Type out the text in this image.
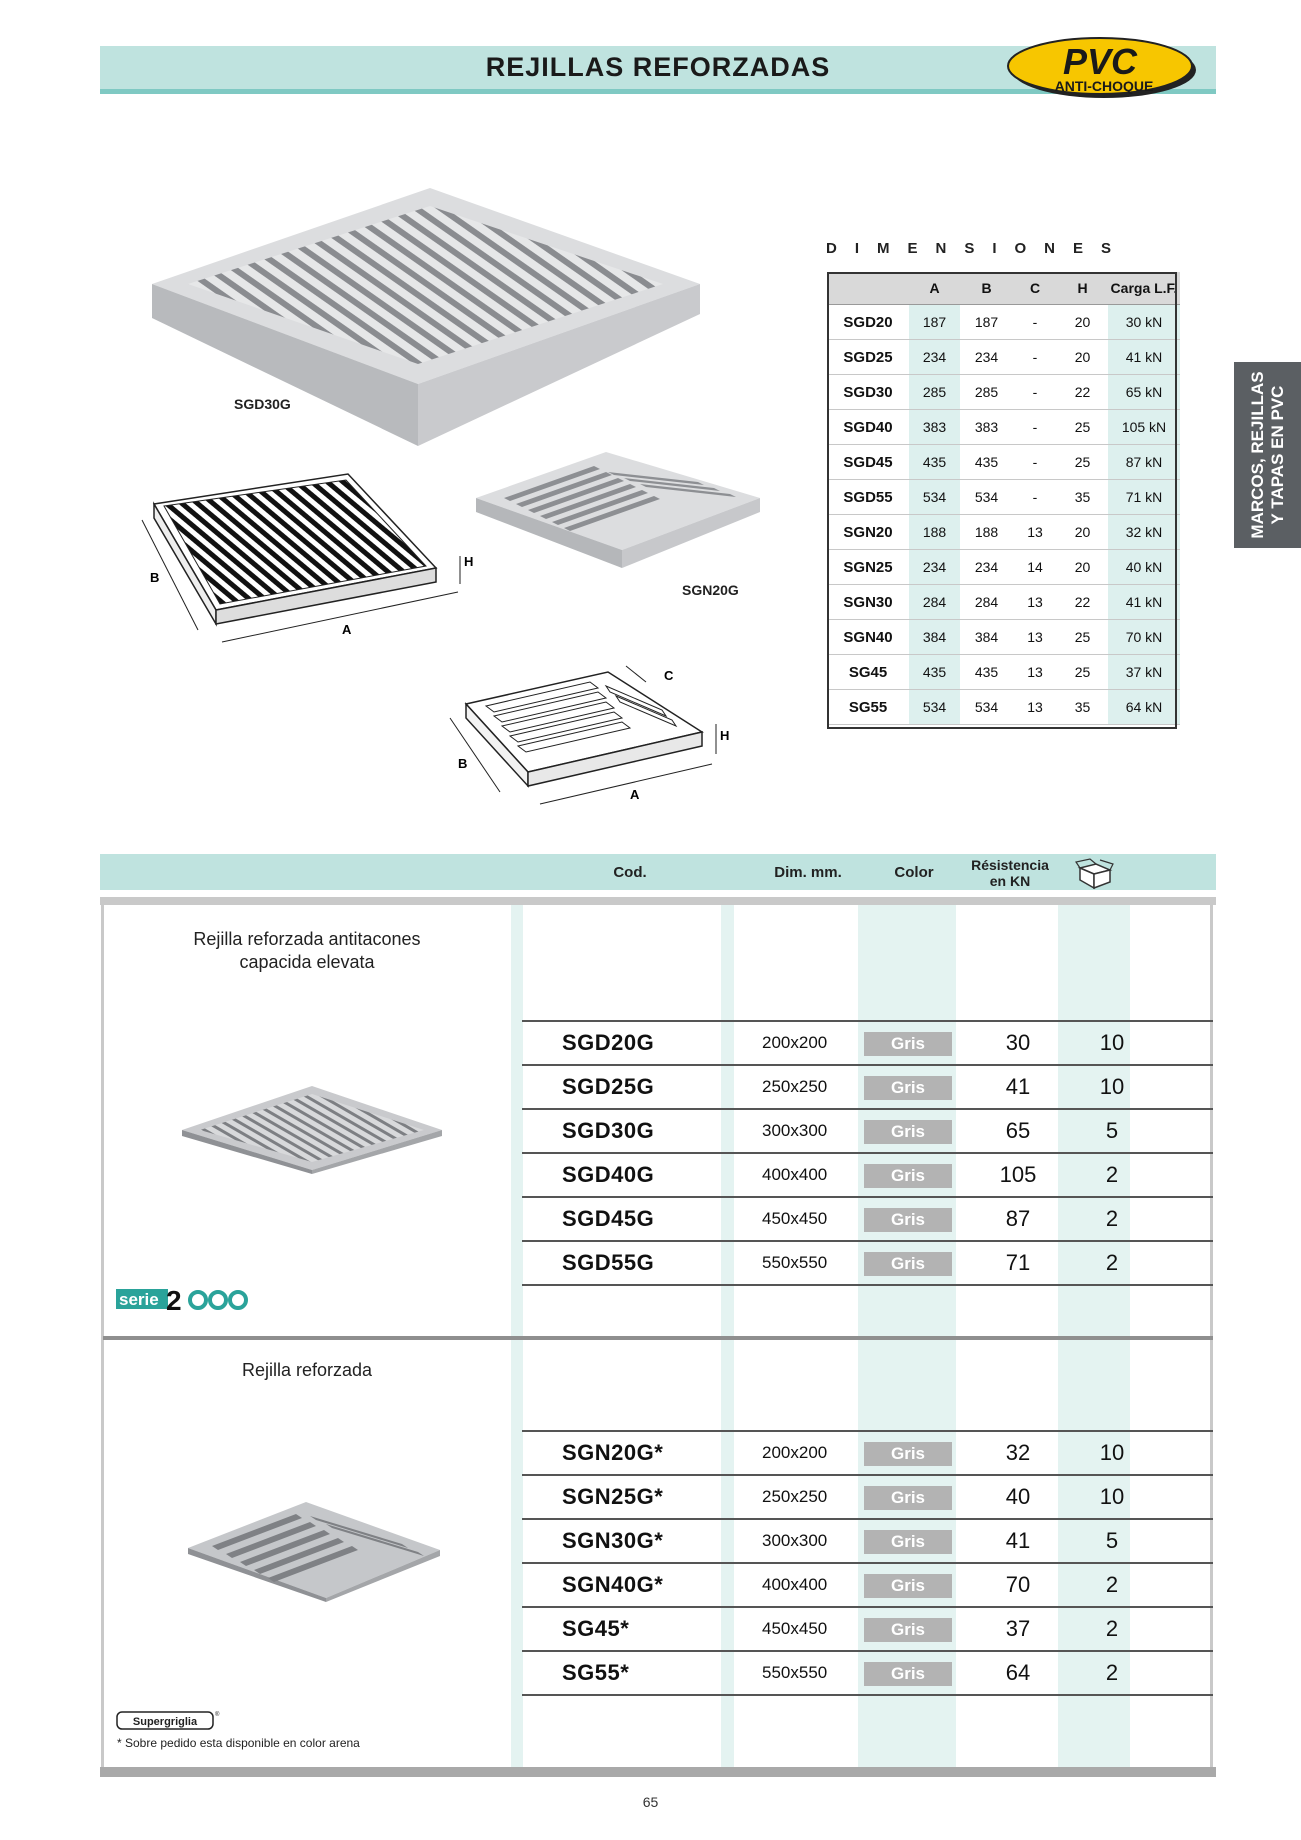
REJILLAS REFORZADAS	PVC
ANTI-CHOQUE
MARCOS, REJILLAS Y TAPAS EN PVC
SGD30G
B
A
H
SGN20G
B
A
C
H
DIMENSIONES
	A	B	C	H	Carga L.F.
SGD20	187	187	-	20	30 kN
SGD25	234	234	-	20	41 kN
SGD30	285	285	-	22	65 kN
SGD40	383	383	-	25	105 kN
SGD45	435	435	-	25	87 kN
SGD55	534	534	-	35	71 kN
SGN20	188	188	13	20	32 kN
SGN25	234	234	14	20	40 kN
SGN30	284	284	13	22	41 kN
SGN40	384	384	13	25	70 kN
SG45	435	435	13	25	37 kN
SG55	534	534	13	35	64 kN
Cod.	Dim. mm.	Color	Résistencia
en KN
Rejilla reforzada antitacones
capacida elevata
serie 2
SGD20G	200x200	Gris	30	10
SGD25G	250x250	Gris	41	10
SGD30G	300x300	Gris	65	5
SGD40G	400x400	Gris	105	2
SGD45G	450x450	Gris	87	2
SGD55G	550x550	Gris	71	2
Rejilla reforzada
Supergriglia
®
* Sobre pedido esta disponible en color arena
SGN20G*	200x200	Gris	32	10
SGN25G*	250x250	Gris	40	10
SGN30G*	300x300	Gris	41	5
SGN40G*	400x400	Gris	70	2
SG45*	450x450	Gris	37	2
SG55*	550x550	Gris	64	2
65
